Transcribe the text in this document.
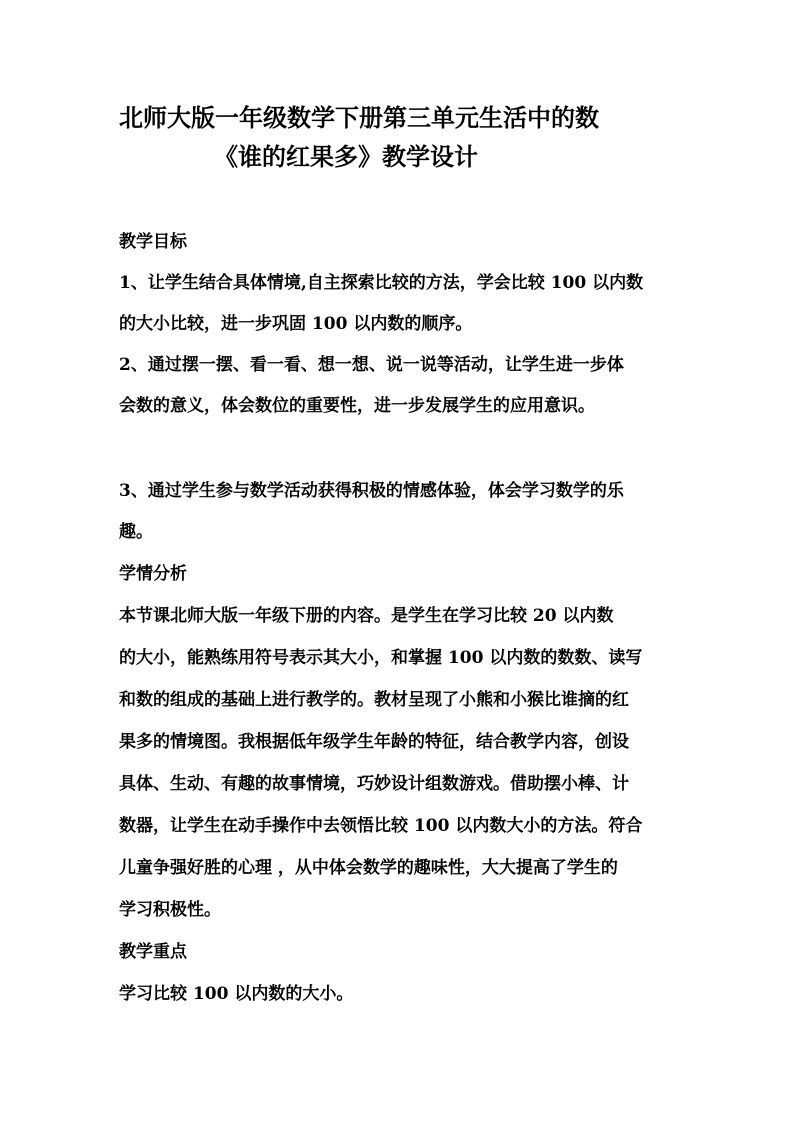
北师大版一年级数学下册第三单元生活中的数
《谁的红果多》教学设计
教学目标
1、让学生结合具体情境,自主探索比较的方法，学会比较 100 以内数
的大小比较，进一步巩固 100 以内数的顺序。
2、通过摆一摆、看一看、想一想、说一说等活动，让学生进一步体
会数的意义，体会数位的重要性，进一步发展学生的应用意识。
3、通过学生参与数学活动获得积极的情感体验，体会学习数学的乐
趣。
学情分析
本节课北师大版一年级下册的内容。是学生在学习比较 20 以内数
的大小，能熟练用符号表示其大小，和掌握 100 以内数的数数、读写
和数的组成的基础上进行教学的。教材呈现了小熊和小猴比谁摘的红
果多的情境图。我根据低年级学生年龄的特征，结合教学内容，创设
具体、生动、有趣的故事情境，巧妙设计组数游戏。借助摆小棒、计
数器，让学生在动手操作中去领悟比较 100 以内数大小的方法。符合
儿童争强好胜的心理 ，从中体会数学的趣味性，大大提高了学生的
学习积极性。
教学重点
学习比较 100 以内数的大小。
